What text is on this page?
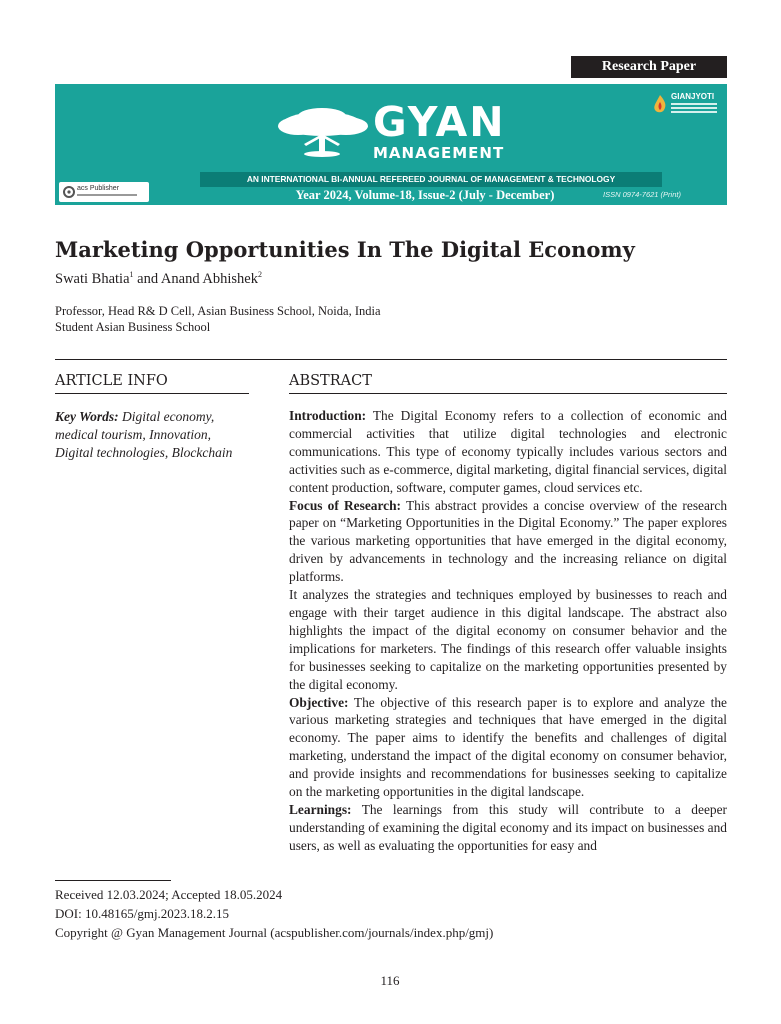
Research Paper
GYAN
MANAGEMENT
GIANJYOTI
acs Publisher
AN INTERNATIONAL BI-ANNUAL REFEREED JOURNAL OF MANAGEMENT & TECHNOLOGY
Year 2024, Volume-18, Issue-2 (July - December)	ISSN 0974-7621 (Print)
Marketing Opportunities In The Digital Economy
Swati Bhatia$^1$ and Anand Abhishek$^2$
Professor, Head R& D Cell, Asian Business School, Noida, India
Student Asian Business School
ARTICLE INFO	ABSTRACT
Key Words: Digital economy, medical tourism, Innovation, Digital technologies, Blockchain

Introduction: The Digital Economy refers to a collection of economic and commercial activities that utilize digital technologies and electronic communications. This type of economy typically includes various sectors and activities such as e-commerce, digital marketing, digital financial services, digital content production, software, computer games, cloud services etc.

Focus of Research: This abstract provides a concise overview of the research paper on “Marketing Opportunities in the Digital Economy.” The paper explores the various marketing opportunities that have emerged in the digital economy, driven by advancements in technology and the increasing reliance on digital platforms.

It analyzes the strategies and techniques employed by businesses to reach and engage with their target audience in this digital landscape. The abstract also highlights the impact of the digital economy on consumer behavior and the implications for marketers. The findings of this research offer valuable insights for businesses seeking to capitalize on the marketing opportunities presented by the digital economy.

Objective: The objective of this research paper is to explore and analyze the various marketing strategies and techniques that have emerged in the digital economy. The paper aims to identify the benefits and challenges of digital marketing, understand the impact of the digital economy on consumer behavior, and provide insights and recommendations for businesses seeking to capitalize on the marketing opportunities in the digital landscape.

Learnings: The learnings from this study will contribute to a deeper understanding of examining the digital economy and its impact on businesses and users, as well as evaluating the opportunities for easy and

Received 12.03.2024; Accepted 18.05.2024
DOI: 10.48165/gmj.2023.18.2.15
Copyright @ Gyan Management Journal (acspublisher.com/journals/index.php/gmj)
116
